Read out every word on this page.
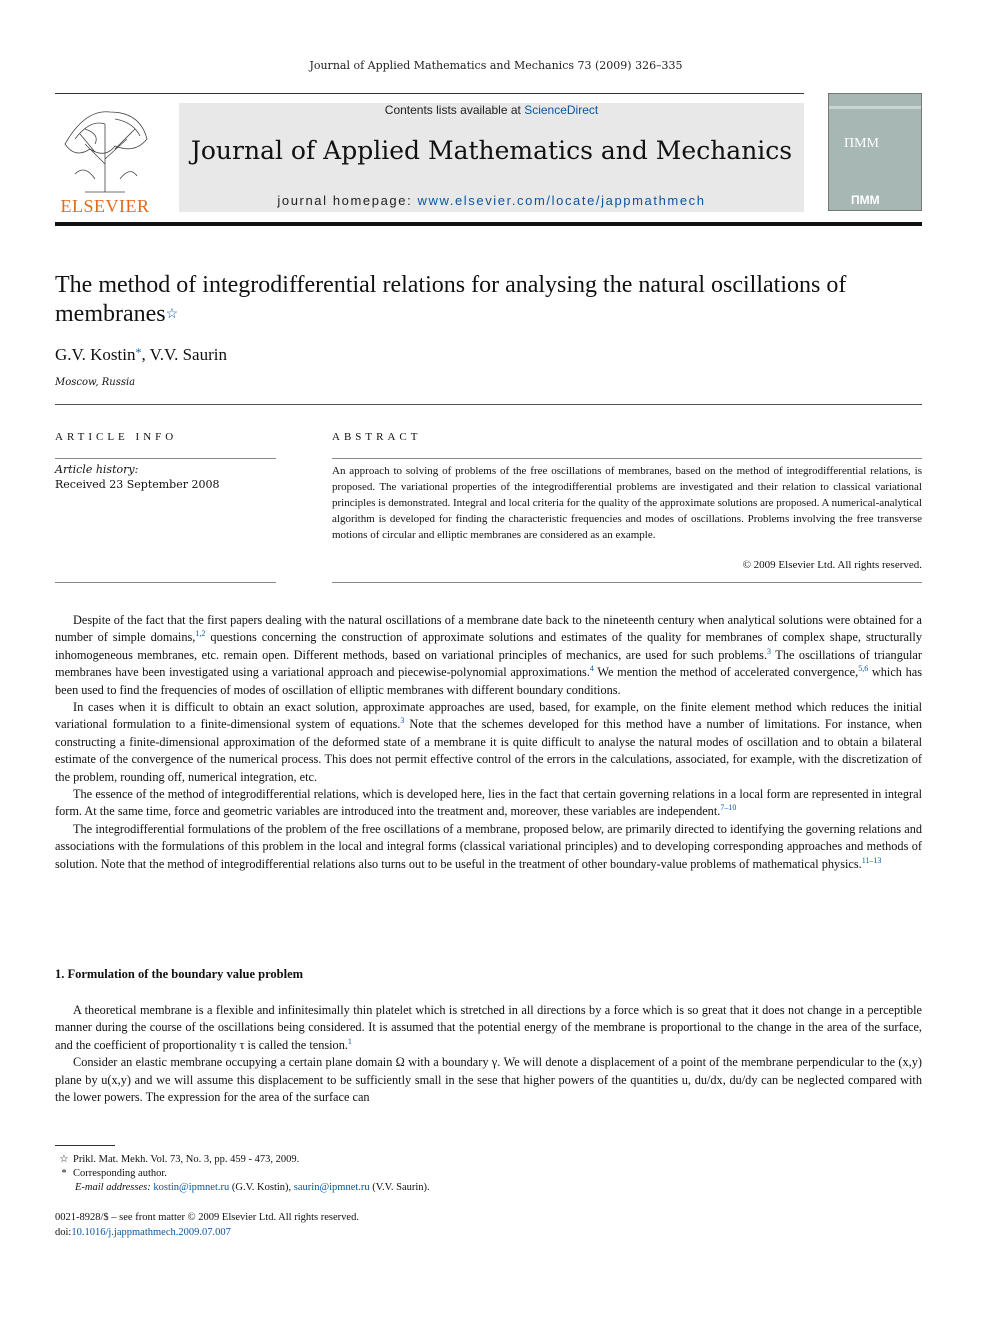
Journal of Applied Mathematics and Mechanics 73 (2009) 326–335
ELSEVIER
Contents lists available at ScienceDirect
Journal of Applied Mathematics and Mechanics
journal homepage: www.elsevier.com/locate/jappmathmech
ПММ
ПММ
The method of integrodifferential relations for analysing the natural oscillations of membranes☆
G.V. Kostin*, V.V. Saurin
Moscow, Russia
ARTICLE INFO	ABSTRACT
Article history:
Received 23 September 2008
An approach to solving of problems of the free oscillations of membranes, based on the method of integrodifferential relations, is proposed. The variational properties of the integrodifferential problems are investigated and their relation to classical variational principles is demonstrated. Integral and local criteria for the quality of the approximate solutions are proposed. A numerical-analytical algorithm is developed for finding the characteristic frequencies and modes of oscillations. Problems involving the free transverse motions of circular and elliptic membranes are considered as an example.
© 2009 Elsevier Ltd. All rights reserved.

Despite of the fact that the first papers dealing with the natural oscillations of a membrane date back to the nineteenth century when analytical solutions were obtained for a number of simple domains,$^{1,2}$ questions concerning the construction of approximate solutions and estimates of the quality for membranes of complex shape, structurally inhomogeneous membranes, etc. remain open. Different methods, based on variational principles of mechanics, are used for such problems.$^3$ The oscillations of triangular membranes have been investigated using a variational approach and piecewise-polynomial approximations.$^4$ We mention the method of accelerated convergence,$^{5,6}$ which has been used to find the frequencies of modes of oscillation of elliptic membranes with different boundary conditions.

In cases when it is difficult to obtain an exact solution, approximate approaches are used, based, for example, on the finite element method which reduces the initial variational formulation to a finite-dimensional system of equations.$^3$ Note that the schemes developed for this method have a number of limitations. For instance, when constructing a finite-dimensional approximation of the deformed state of a membrane it is quite difficult to analyse the natural modes of oscillation and to obtain a bilateral estimate of the convergence of the numerical process. This does not permit effective control of the errors in the calculations, associated, for example, with the discretization of the problem, rounding off, numerical integration, etc.

The essence of the method of integrodifferential relations, which is developed here, lies in the fact that certain governing relations in a local form are represented in integral form. At the same time, force and geometric variables are introduced into the treatment and, moreover, these variables are independent.$^{7-10}$

The integrodifferential formulations of the problem of the free oscillations of a membrane, proposed below, are primarily directed to identifying the governing relations and associations with the formulations of this problem in the local and integral forms (classical variational principles) and to developing corresponding approaches and methods of solution. Note that the method of integrodifferential relations also turns out to be useful in the treatment of other boundary-value problems of mathematical physics.$^{11-13}$

1. Formulation of the boundary value problem

A theoretical membrane is a flexible and infinitesimally thin platelet which is stretched in all directions by a force which is so great that it does not change in a perceptible manner during the course of the oscillations being considered. It is assumed that the potential energy of the membrane is proportional to the change in the area of the surface, and the coefficient of proportionality τ is called the tension.$^1$

Consider an elastic membrane occupying a certain plane domain Ω with a boundary γ. We will denote a displacement of a point of the membrane perpendicular to the (x,y) plane by u(x,y) and we will assume this displacement to be sufficiently small in the sese that higher powers of the quantities u, du/dx, du/dy can be neglected compared with the lower powers. The expression for the area of the surface can

☆ Prikl. Mat. Mekh. Vol. 73, No. 3, pp. 459 - 473, 2009.
* Corresponding author.
E-mail addresses: kostin@ipmnet.ru (G.V. Kostin), saurin@ipmnet.ru (V.V. Saurin).
0021-8928/$ – see front matter © 2009 Elsevier Ltd. All rights reserved.
doi:10.1016/j.jappmathmech.2009.07.007
